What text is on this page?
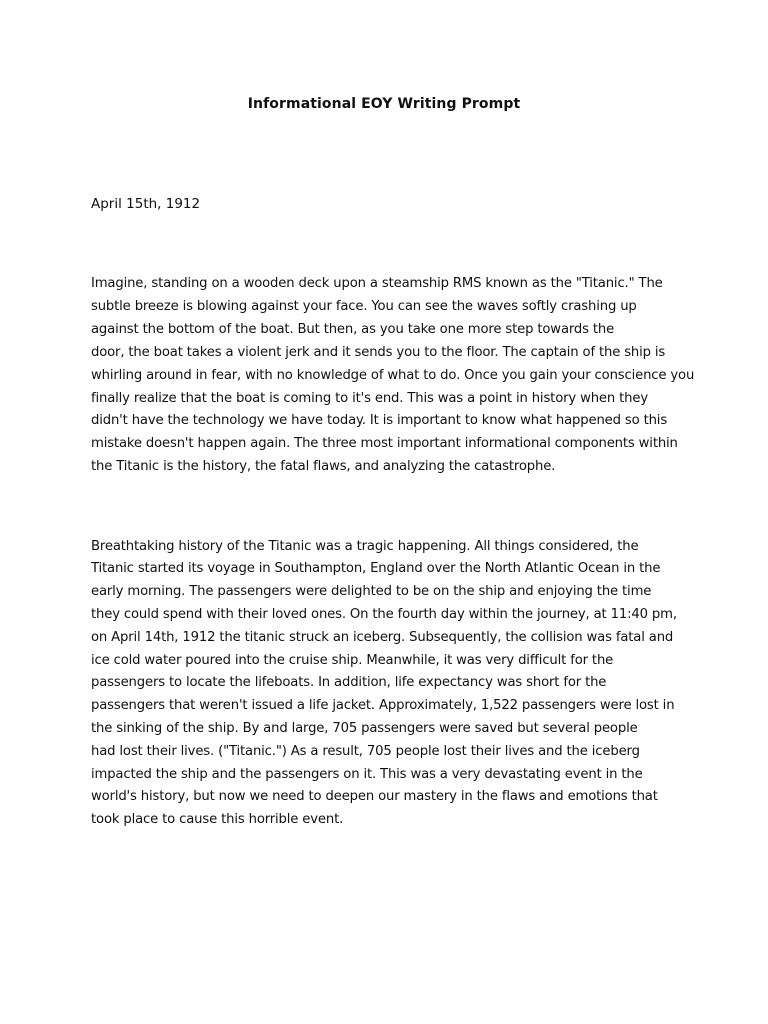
Informational EOY Writing Prompt
April 15th, 1912
Imagine, standing on a wooden deck upon a steamship RMS known as the "Titanic." The
subtle breeze is blowing against your face. You can see the waves softly crashing up
against the bottom of the boat. But then, as you take one more step towards the
door, the boat takes a violent jerk and it sends you to the floor. The captain of the ship is
whirling around in fear, with no knowledge of what to do. Once you gain your conscience you
finally realize that the boat is coming to it's end. This was a point in history when they
didn't have the technology we have today. It is important to know what happened so this
mistake doesn't happen again. The three most important informational components within
the Titanic is the history, the fatal flaws, and analyzing the catastrophe.
Breathtaking history of the Titanic was a tragic happening. All things considered, the
Titanic started its voyage in Southampton, England over the North Atlantic Ocean in the
early morning. The passengers were delighted to be on the ship and enjoying the time
they could spend with their loved ones. On the fourth day within the journey, at 11:40 pm,
on April 14th, 1912 the titanic struck an iceberg. Subsequently, the collision was fatal and
ice cold water poured into the cruise ship. Meanwhile, it was very difficult for the
passengers to locate the lifeboats. In addition, life expectancy was short for the
passengers that weren't issued a life jacket. Approximately, 1,522 passengers were lost in
the sinking of the ship. By and large, 705 passengers were saved but several people
had lost their lives. ("Titanic.") As a result, 705 people lost their lives and the iceberg
impacted the ship and the passengers on it. This was a very devastating event in the
world's history, but now we need to deepen our mastery in the flaws and emotions that
took place to cause this horrible event.
